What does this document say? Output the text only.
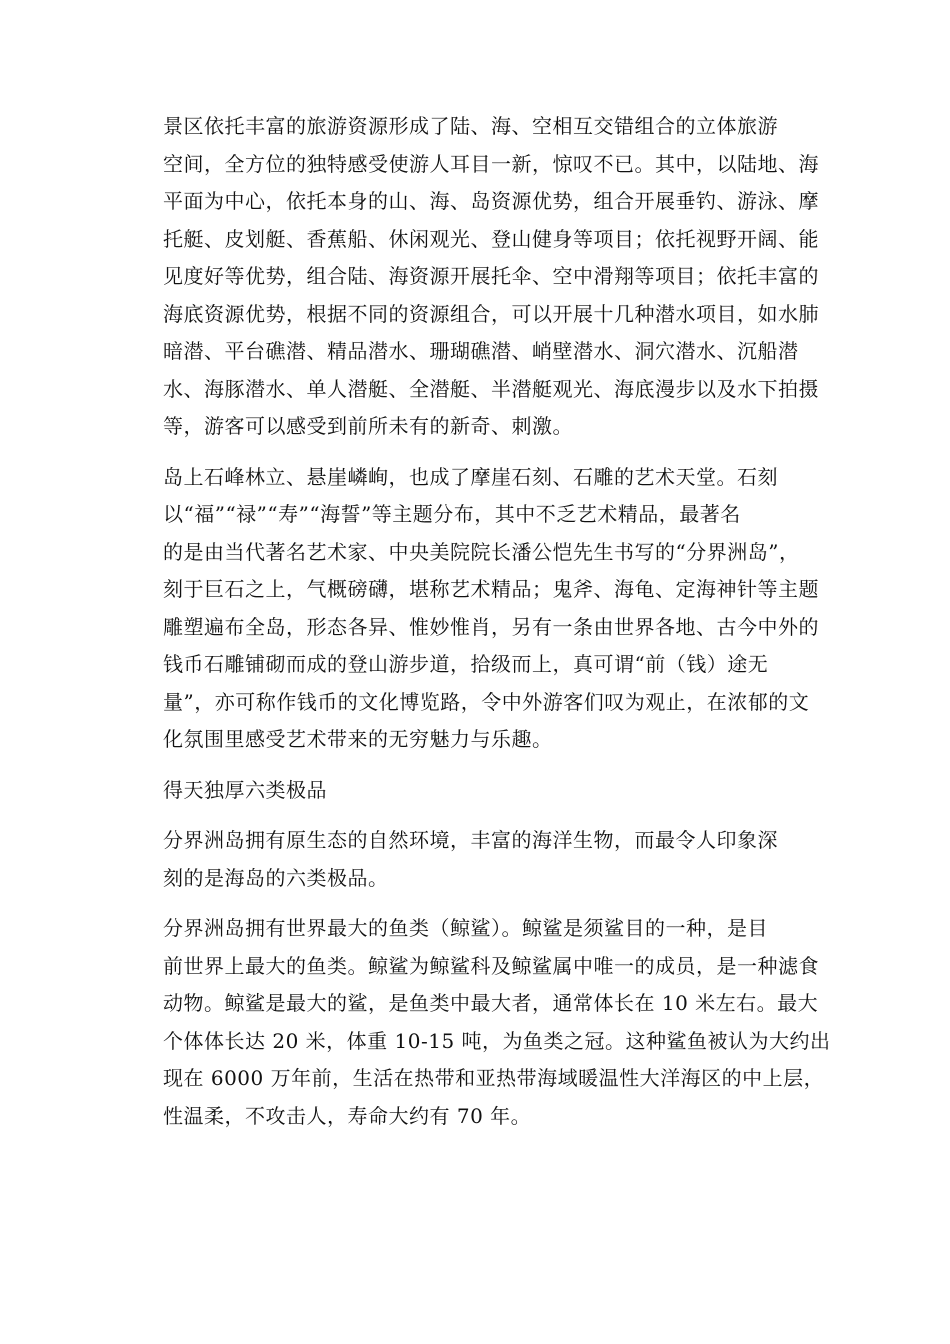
景区依托丰富的旅游资源形成了陆、海、空相互交错组合的立体旅游
空间，全方位的独特感受使游人耳目一新，惊叹不已。其中，以陆地、海
平面为中心，依托本身的山、海、岛资源优势，组合开展垂钓、游泳、摩
托艇、皮划艇、香蕉船、休闲观光、登山健身等项目；依托视野开阔、能
见度好等优势，组合陆、海资源开展托伞、空中滑翔等项目；依托丰富的
海底资源优势，根据不同的资源组合，可以开展十几种潜水项目，如水肺
暗潜、平台礁潜、精品潜水、珊瑚礁潜、峭壁潜水、洞穴潜水、沉船潜
水、海豚潜水、单人潜艇、全潜艇、半潜艇观光、海底漫步以及水下拍摄
等，游客可以感受到前所未有的新奇、刺激。

岛上石峰林立、悬崖嶙峋，也成了摩崖石刻、石雕的艺术天堂。石刻
以“福”“禄”“寿”“海誓”等主题分布，其中不乏艺术精品，最著名
的是由当代著名艺术家、中央美院院长潘公恺先生书写的“分界洲岛”，
刻于巨石之上，气概磅礴，堪称艺术精品；鬼斧、海龟、定海神针等主题
雕塑遍布全岛，形态各异、惟妙惟肖，另有一条由世界各地、古今中外的
钱币石雕铺砌而成的登山游步道，拾级而上，真可谓“前（钱）途无
量”，亦可称作钱币的文化博览路，令中外游客们叹为观止，在浓郁的文
化氛围里感受艺术带来的无穷魅力与乐趣。

得天独厚六类极品

分界洲岛拥有原生态的自然环境，丰富的海洋生物，而最令人印象深
刻的是海岛的六类极品。

分界洲岛拥有世界最大的鱼类（鲸鲨）。鲸鲨是须鲨目的一种，是目
前世界上最大的鱼类。鲸鲨为鲸鲨科及鲸鲨属中唯一的成员，是一种滤食
动物。鲸鲨是最大的鲨，是鱼类中最大者，通常体长在 10 米左右。最大
个体体长达 20 米，体重 10-15 吨，为鱼类之冠。这种鲨鱼被认为大约出
现在 6000 万年前，生活在热带和亚热带海域暖温性大洋海区的中上层，
性温柔，不攻击人，寿命大约有 70 年。
